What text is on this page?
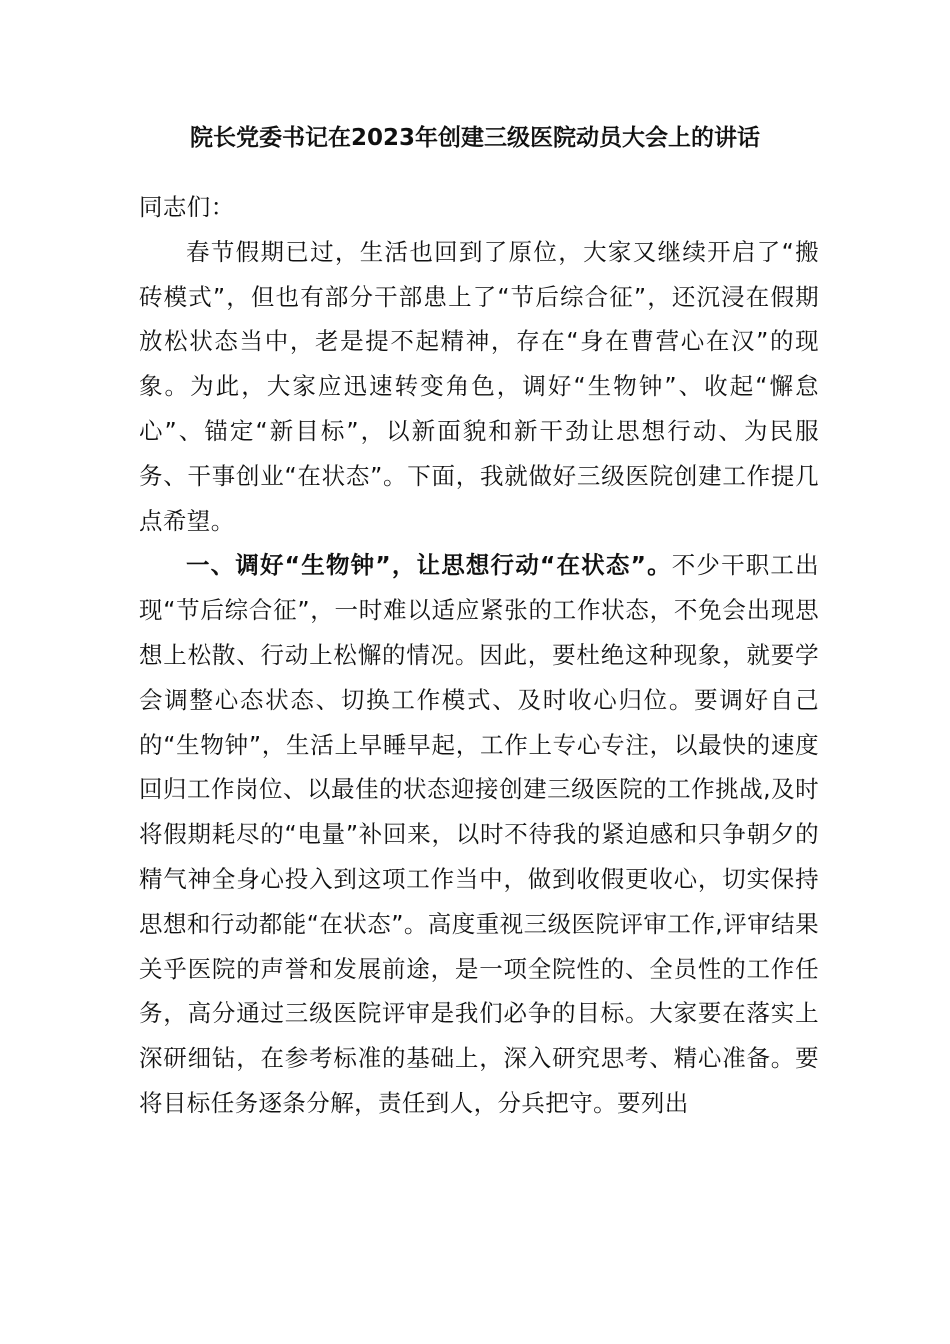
院长党委书记在2023年创建三级医院动员大会上的讲话

同志们：

春节假期已过，生活也回到了原位，大家又继续开启了“搬砖模式”，但也有部分干部患上了“节后综合征”，还沉浸在假期放松状态当中，老是提不起精神，存在“身在曹营心在汉”的现象。为此，大家应迅速转变角色，调好“生物钟”、收起“懈怠心”、锚定“新目标”，以新面貌和新干劲让思想行动、为民服务、干事创业“在状态”。下面，我就做好三级医院创建工作提几点希望。

一、调好“生物钟”，让思想行动“在状态”。不少干职工出现“节后综合征”，一时难以适应紧张的工作状态，不免会出现思想上松散、行动上松懈的情况。因此，要杜绝这种现象，就要学会调整心态状态、切换工作模式、及时收心归位。要调好自己的“生物钟”，生活上早睡早起，工作上专心专注，以最快的速度回归工作岗位、以最佳的状态迎接创建三级医院的工作挑战,及时将假期耗尽的“电量”补回来，以时不待我的紧迫感和只争朝夕的精气神全身心投入到这项工作当中，做到收假更收心，切实保持思想和行动都能“在状态”。高度重视三级医院评审工作,评审结果关乎医院的声誉和发展前途，是一项全院性的、全员性的工作任务，高分通过三级医院评审是我们必争的目标。大家要在落实上深研细钻，在参考标准的基础上，深入研究思考、精心准备。要将目标任务逐条分解，责任到人，分兵把守。要列出
